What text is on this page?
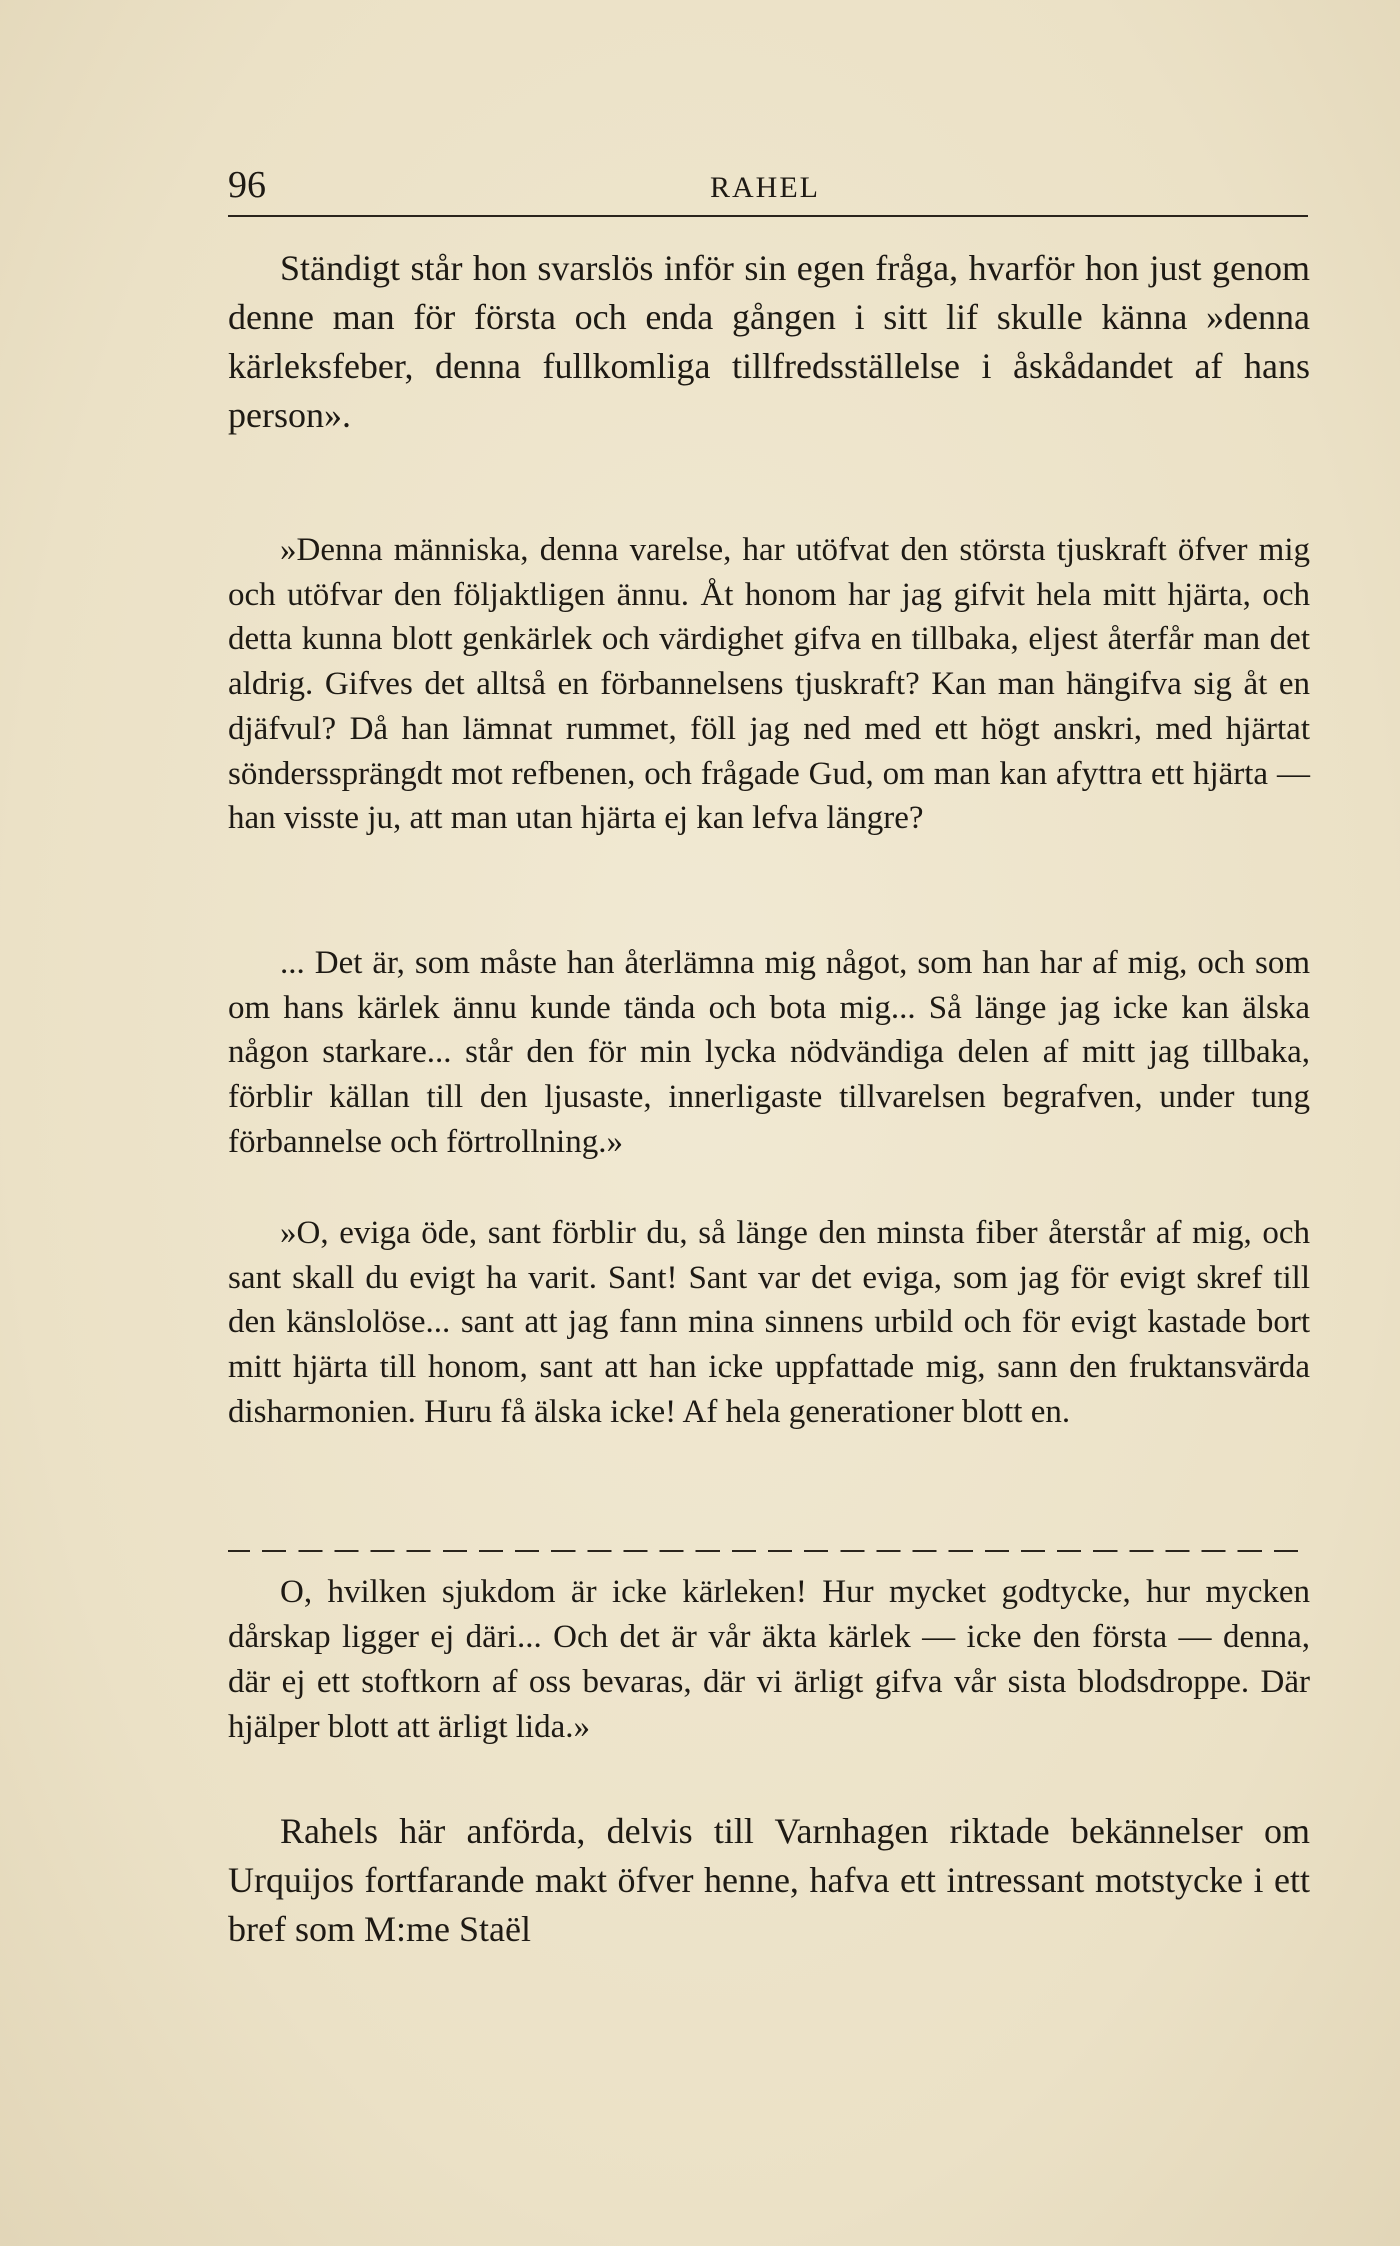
96	RAHEL

Ständigt står hon svarslös inför sin egen fråga, hvarför hon just genom denne man för första och enda gången i sitt lif skulle känna »denna kärleksfeber, denna fullkomliga tillfredsställelse i åskådandet af hans person».

»Denna människa, denna varelse, har utöfvat den största tjuskraft öfver mig och utöfvar den följaktligen ännu. Åt honom har jag gifvit hela mitt hjärta, och detta kunna blott genkärlek och värdighet gifva en tillbaka, eljest återfår man det aldrig. Gifves det alltså en förbannelsens tjuskraft? Kan man hängifva sig åt en djäfvul? Då han lämnat rummet, föll jag ned med ett högt anskri, med hjärtat sönderssprängdt mot refbenen, och frågade Gud, om man kan afyttra ett hjärta — han visste ju, att man utan hjärta ej kan lefva längre?

... Det är, som måste han återlämna mig något, som han har af mig, och som om hans kärlek ännu kunde tända och bota mig... Så länge jag icke kan älska någon starkare... står den för min lycka nödvändiga delen af mitt jag tillbaka, förblir källan till den ljusaste, innerligaste tillvarelsen begrafven, under tung förbannelse och förtrollning.»

»O, eviga öde, sant förblir du, så länge den minsta fiber återstår af mig, och sant skall du evigt ha varit. Sant! Sant var det eviga, som jag för evigt skref till den känslolöse... sant att jag fann mina sinnens urbild och för evigt kastade bort mitt hjärta till honom, sant att han icke uppfattade mig, sann den fruktansvärda disharmonien. Huru få älska icke! Af hela generationer blott en.

O, hvilken sjukdom är icke kärleken! Hur mycket godtycke, hur mycken dårskap ligger ej däri... Och det är vår äkta kärlek — icke den första — denna, där ej ett stoftkorn af oss bevaras, där vi ärligt gifva vår sista blodsdroppe. Där hjälper blott att ärligt lida.»

Rahels här anförda, delvis till Varnhagen riktade bekännelser om Urquijos fortfarande makt öfver henne, hafva ett intressant motstycke i ett bref som M:me Staël
